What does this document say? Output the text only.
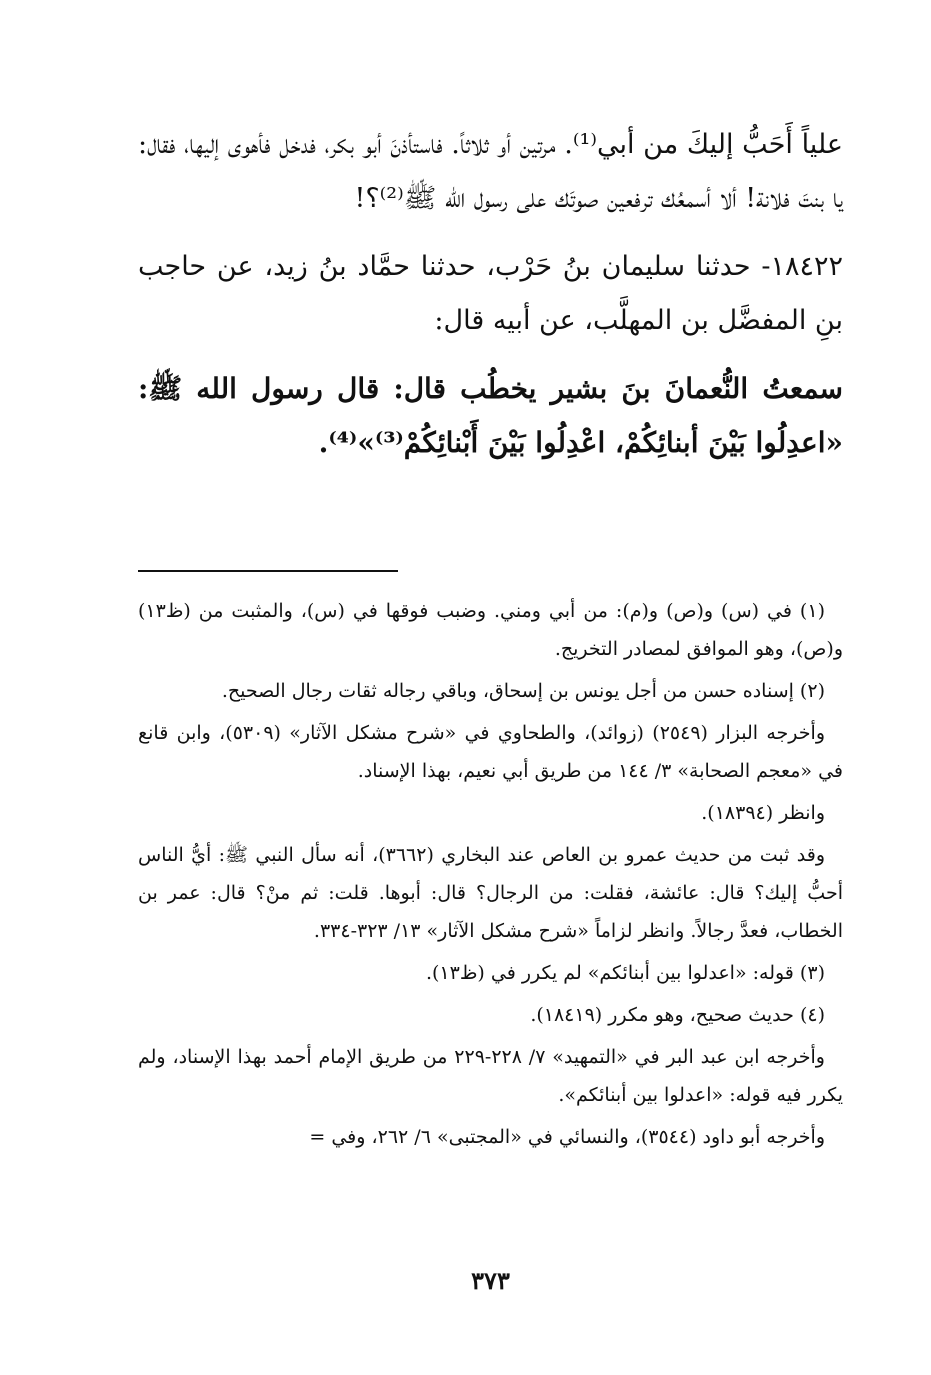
علياً أَحَبُّ إليكَ من أبي⁽¹⁾. مرتين أو ثلاثاً. فاستأذنَ أبو بكر، فدخل فأهوى إليها، فقال: يا بنتَ فلانة! ألا أسمعُك ترفعين صوتَك على رسول الله ﷺ⁽²⁾؟!

١٨٤٢٢- حدثنا سليمان بنُ حَرْب، حدثنا حمَّاد بنُ زيد، عن حاجب بنِ المفضَّل بن المهلَّب، عن أبيه قال:

سمعتُ النُّعمانَ بنَ بشير يخطُب قال: قال رسول الله ﷺ: «اعدِلُوا بَيْنَ أبنائِكُمْ، اعْدِلُوا بَيْنَ أَبْنائِكُمْ⁽³⁾»⁽⁴⁾.

(١) في (س) و(ص) و(م): من أبي ومني. وضبب فوقها في (س)، والمثبت من (ظ١٣) و(ص)، وهو الموافق لمصادر التخريج.

(٢) إسناده حسن من أجل يونس بن إسحاق، وباقي رجاله ثقات رجال الصحيح.

وأخرجه البزار (٢٥٤٩) (زوائد)، والطحاوي في «شرح مشكل الآثار» (٥٣٠٩)، وابن قانع في «معجم الصحابة» ٣/ ١٤٤ من طريق أبي نعيم، بهذا الإسناد.

وانظر (١٨٣٩٤).

وقد ثبت من حديث عمرو بن العاص عند البخاري (٣٦٦٢)، أنه سأل النبي ﷺ: أيُّ الناس أحبُّ إليك؟ قال: عائشة، فقلت: من الرجال؟ قال: أبوها. قلت: ثم منْ؟ قال: عمر بن الخطاب، فعدَّ رجالاً. وانظر لزاماً «شرح مشكل الآثار» ١٣/ ٣٢٣-٣٣٤.

(٣) قوله: «اعدلوا بين أبنائكم» لم يكرر في (ظ١٣).

(٤) حديث صحيح، وهو مكرر (١٨٤١٩).

وأخرجه ابن عبد البر في «التمهيد» ٧/ ٢٢٨-٢٢٩ من طريق الإمام أحمد بهذا الإسناد، ولم يكرر فيه قوله: «اعدلوا بين أبنائكم».

وأخرجه أبو داود (٣٥٤٤)، والنسائي في «المجتبى» ٦/ ٢٦٢، وفي =

٣٧٣
